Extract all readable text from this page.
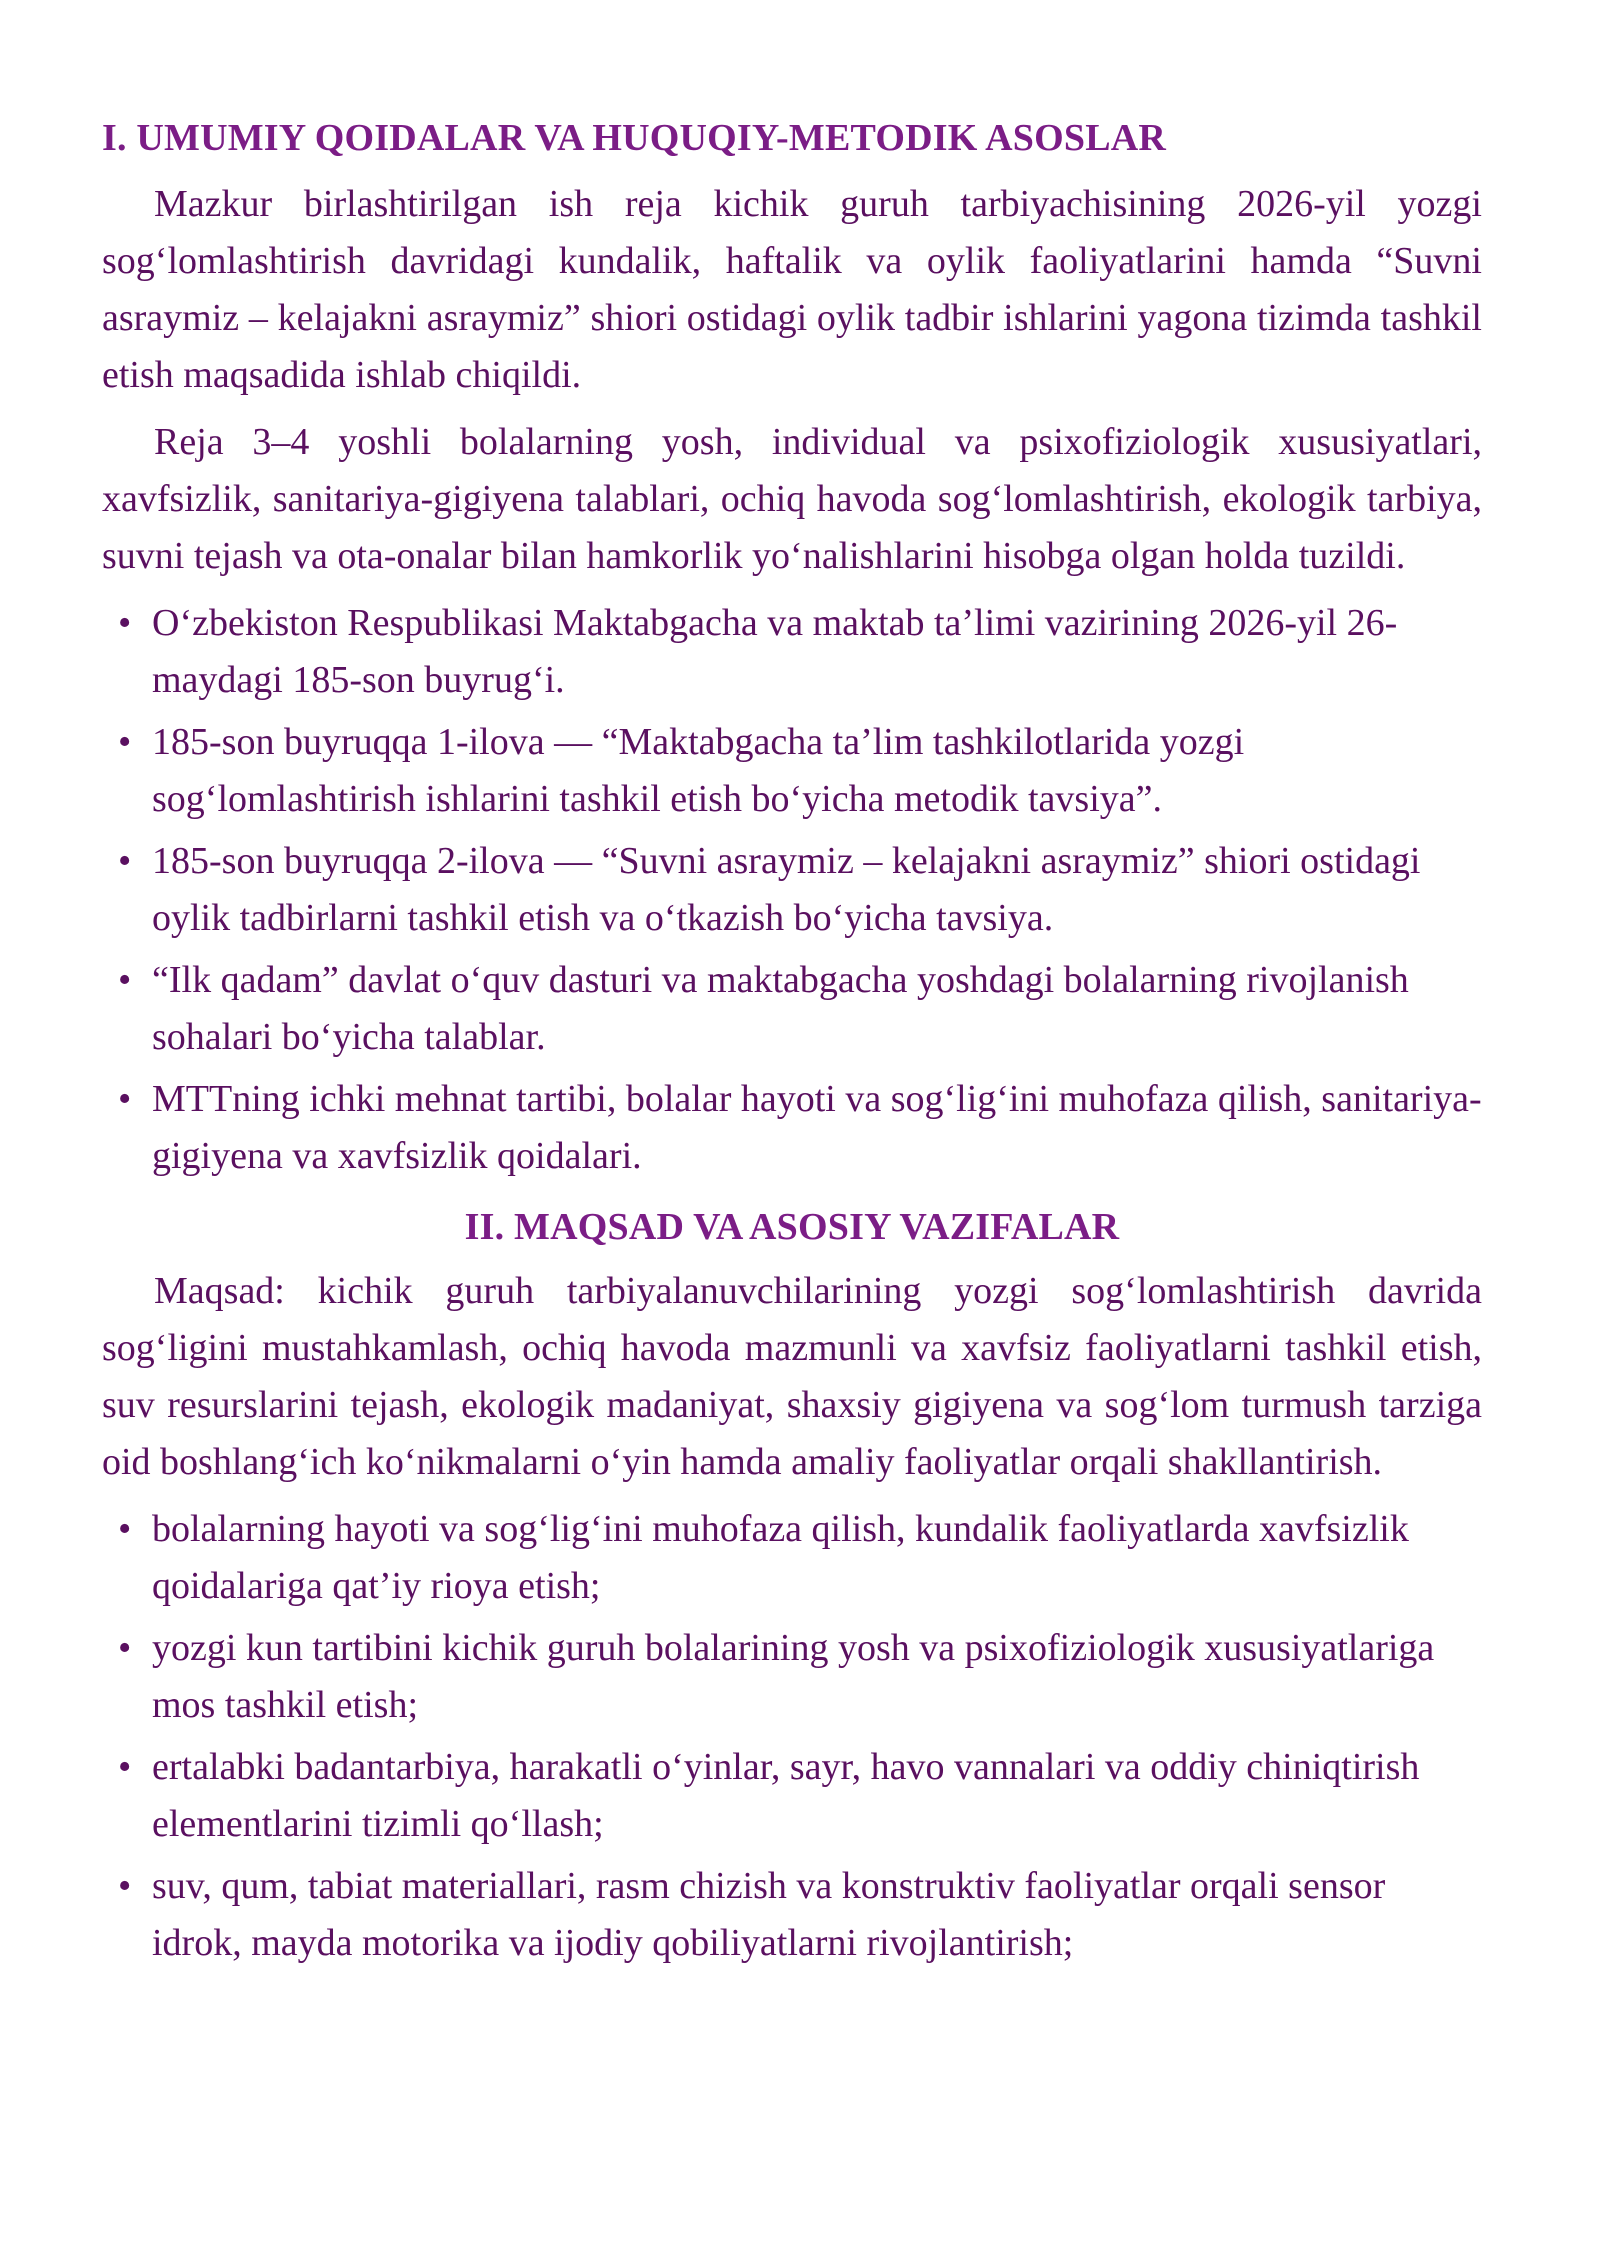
I. UMUMIY QOIDALAR VA HUQUQIY-METODIK ASOSLAR

Mazkur birlashtirilgan ish reja kichik guruh tarbiyachisining 2026-yil yozgi sog‘lomlashtirish davridagi kundalik, haftalik va oylik faoliyatlarini hamda “Suvni asraymiz – kelajakni asraymiz” shiori ostidagi oylik tadbir ishlarini yagona tizimda tashkil etish maqsadida ishlab chiqildi.

Reja 3–4 yoshli bolalarning yosh, individual va psixofiziologik xususiyatlari, xavfsizlik, sanitariya-gigiyena talablari, ochiq havoda sog‘lomlashtirish, ekologik tarbiya, suvni tejash va ota-onalar bilan hamkorlik yo‘nalishlarini hisobga olgan holda tuzildi.

• O‘zbekiston Respublikasi Maktabgacha va maktab ta’limi vazirining 2026-yil 26-maydagi 185-son buyrug‘i.
• 185-son buyruqqa 1-ilova — “Maktabgacha ta’lim tashkilotlarida yozgi sog‘lomlashtirish ishlarini tashkil etish bo‘yicha metodik tavsiya”.
• 185-son buyruqqa 2-ilova — “Suvni asraymiz – kelajakni asraymiz” shiori ostidagi oylik tadbirlarni tashkil etish va o‘tkazish bo‘yicha tavsiya.
• “Ilk qadam” davlat o‘quv dasturi va maktabgacha yoshdagi bolalarning rivojlanish sohalari bo‘yicha talablar.
• MTTning ichki mehnat tartibi, bolalar hayoti va sog‘lig‘ini muhofaza qilish, sanitariya-gigiyena va xavfsizlik qoidalari.
II. MAQSAD VA ASOSIY VAZIFALAR

Maqsad: kichik guruh tarbiyalanuvchilarining yozgi sog‘lomlashtirish davrida sog‘ligini mustahkamlash, ochiq havoda mazmunli va xavfsiz faoliyatlarni tashkil etish, suv resurslarini tejash, ekologik madaniyat, shaxsiy gigiyena va sog‘lom turmush tarziga oid boshlang‘ich ko‘nikmalarni o‘yin hamda amaliy faoliyatlar orqali shakllantirish.

• bolalarning hayoti va sog‘lig‘ini muhofaza qilish, kundalik faoliyatlarda xavfsizlik qoidalariga qat’iy rioya etish;
• yozgi kun tartibini kichik guruh bolalarining yosh va psixofiziologik xususiyatlariga mos tashkil etish;
• ertalabki badantarbiya, harakatli o‘yinlar, sayr, havo vannalari va oddiy chiniqtirish elementlarini tizimli qo‘llash;
• suv, qum, tabiat materiallari, rasm chizish va konstruktiv faoliyatlar orqali sensor idrok, mayda motorika va ijodiy qobiliyatlarni rivojlantirish;
